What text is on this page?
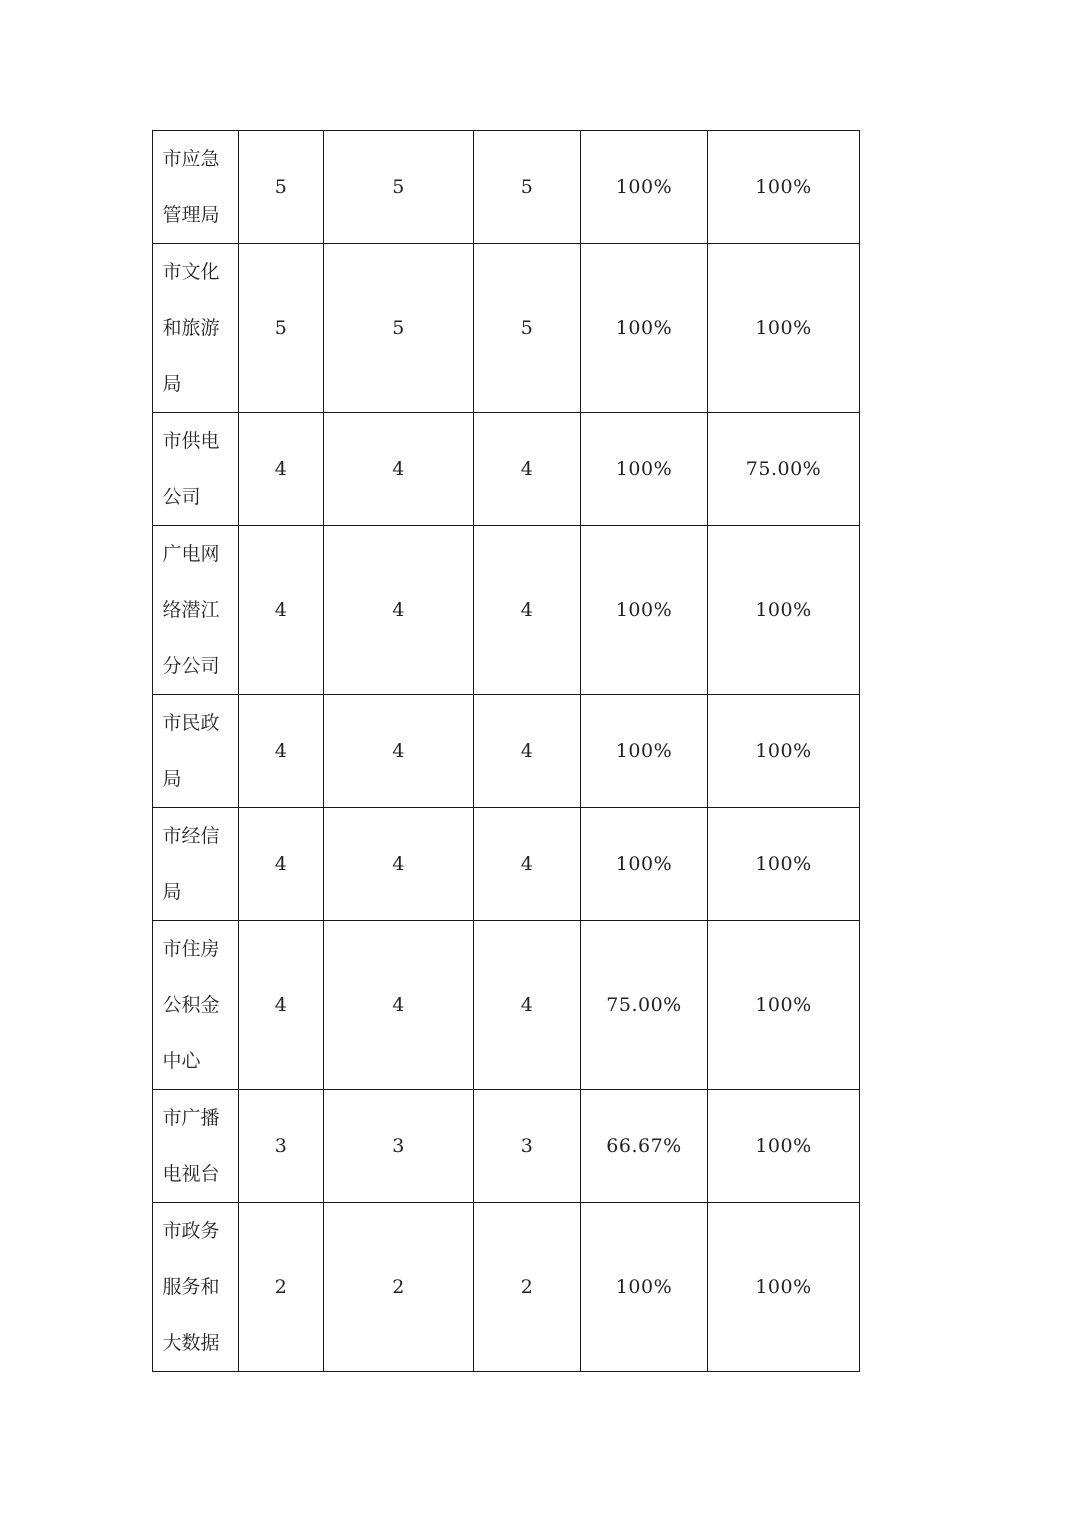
市应急管理局	5	5	5	100%	100%

市文化和旅游局	5	5	5	100%	100%

市供电公司	4	4	4	100%	75.00%

广电网络潜江分公司	4	4	4	100%	100%

市民政局	4	4	4	100%	100%

市经信局	4	4	4	100%	100%

市住房公积金中心	4	4	4	75.00%	100%

市广播电视台	3	3	3	66.67%	100%

市政务服务和大数据	2	2	2	100%	100%
